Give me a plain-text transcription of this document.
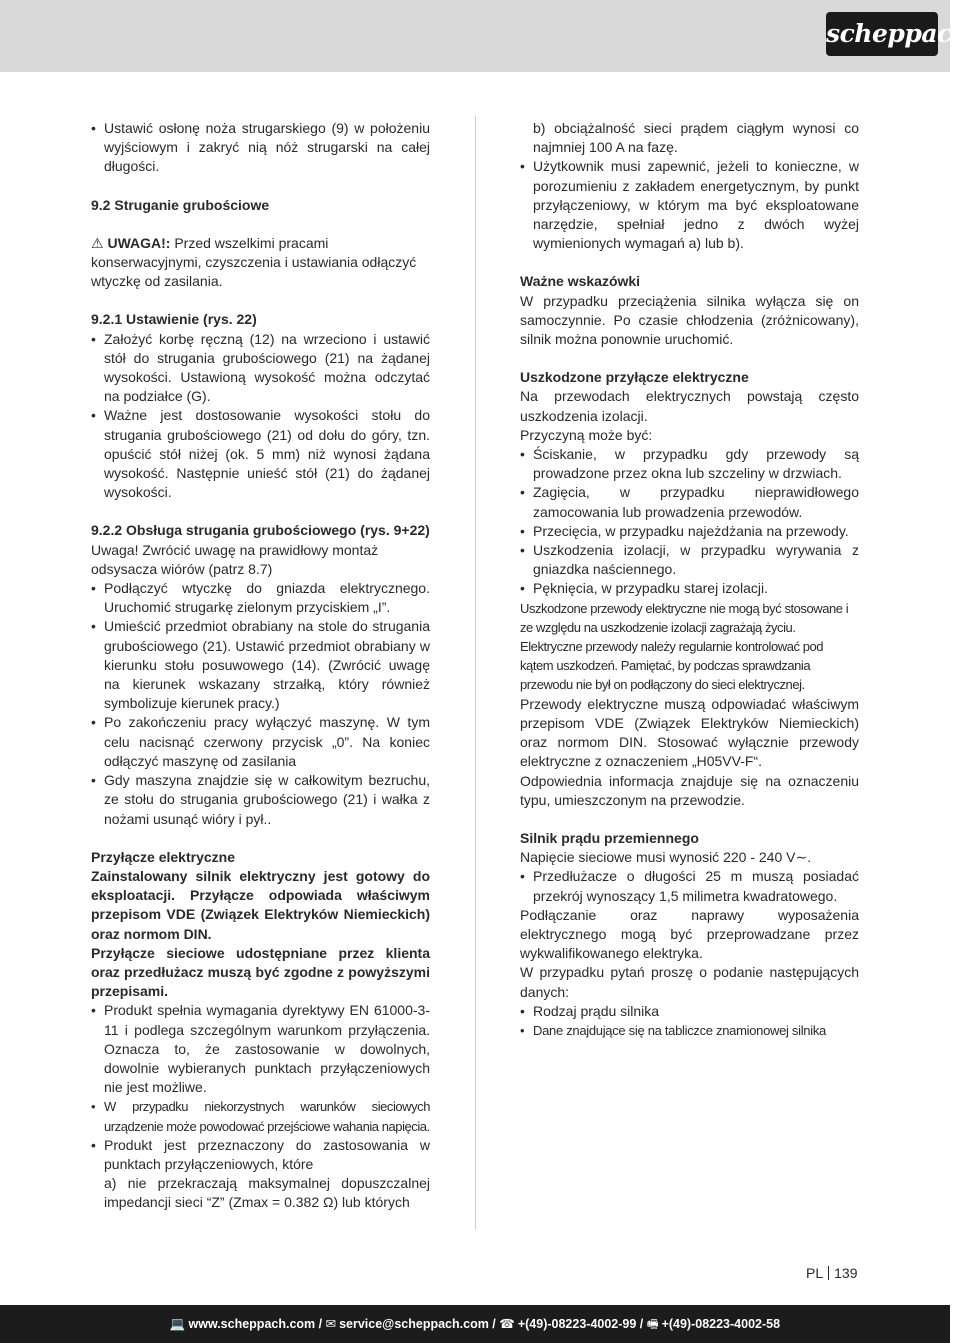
scheppach

• Ustawić osłonę noża strugarskiego (9) w położeniu wyjściowym i zakryć nią nóż strugarski na całej długości.

9.2 Struganie grubościowe

⚠ UWAGA!: Przed wszelkimi pracami konserwacyjnymi, czyszczenia i ustawiania odłączyć wtyczkę od zasilania.

9.2.1 Ustawienie (rys. 22)

• Założyć korbę ręczną (12) na wrzeciono i ustawić stół do strugania grubościowego (21) na żądanej wysokości. Ustawioną wysokość można odczytać na podziałce (G).

• Ważne jest dostosowanie wysokości stołu do strugania grubościowego (21) od dołu do góry, tzn. opuścić stół niżej (ok. 5 mm) niż wynosi żądana wysokość. Następnie unieść stół (21) do żądanej wysokości.

9.2.2 Obsługa strugania grubościowego (rys. 9+22)

Uwaga! Zwrócić uwagę na prawidłowy montaż odsysacza wiórów (patrz 8.7)

• Podłączyć wtyczkę do gniazda elektrycznego. Uruchomić strugarkę zielonym przyciskiem „I”.

• Umieścić przedmiot obrabiany na stole do strugania grubościowego (21). Ustawić przedmiot obrabiany w kierunku stołu posuwowego (14). (Zwrócić uwagę na kierunek wskazany strzałką, który również symbolizuje kierunek pracy.)

• Po zakończeniu pracy wyłączyć maszynę. W tym celu nacisnąć czerwony przycisk „0”. Na koniec odłączyć maszynę od zasilania

• Gdy maszyna znajdzie się w całkowitym bezruchu, ze stołu do strugania grubościowego (21) i wałka z nożami usunąć wióry i pył..

Przyłącze elektryczne

Zainstalowany silnik elektryczny jest gotowy do eksploatacji. Przyłącze odpowiada właściwym przepisom VDE (Związek Elektryków Niemieckich) oraz normom DIN.

Przyłącze sieciowe udostępniane przez klienta oraz przedłużacz muszą być zgodne z powyższymi przepisami.

• Produkt spełnia wymagania dyrektywy EN 61000-3-11 i podlega szczególnym warunkom przyłączenia. Oznacza to, że zastosowanie w dowolnych, dowolnie wybieranych punktach przyłączeniowych nie jest możliwe.

• W przypadku niekorzystnych warunków sieciowych urządzenie może powodować przejściowe wahania napięcia.

• Produkt jest przeznaczony do zastosowania w punktach przyłączeniowych, które

a) nie przekraczają maksymalnej dopuszczalnej impedancji sieci “Z” (Zmax = 0.382 Ω) lub których

b) obciążalność sieci prądem ciągłym wynosi co najmniej 100 A na fazę.

• Użytkownik musi zapewnić, jeżeli to konieczne, w porozumieniu z zakładem energetycznym, by punkt przyłączeniowy, w którym ma być eksploatowane narzędzie, spełniał jedno z dwóch wyżej wymienionych wymagań a) lub b).

Ważne wskazówki

W przypadku przeciążenia silnika wyłącza się on samoczynnie. Po czasie chłodzenia (zróżnicowany), silnik można ponownie uruchomić.

Uszkodzone przyłącze elektryczne

Na przewodach elektrycznych powstają często uszkodzenia izolacji.

Przyczyną może być:

• Ściskanie, w przypadku gdy przewody są prowadzone przez okna lub szczeliny w drzwiach.

• Zagięcia, w przypadku nieprawidłowego zamocowania lub prowadzenia przewodów.

• Przecięcia, w przypadku najeżdżania na przewody.

• Uszkodzenia izolacji, w przypadku wyrywania z gniazdka naściennego.

• Pęknięcia, w przypadku starej izolacji.

Uszkodzone przewody elektryczne nie mogą być stosowane i ze względu na uszkodzenie izolacji zagrażają życiu. Elektryczne przewody należy regularnie kontrolować pod kątem uszkodzeń. Pamiętać, by podczas sprawdzania przewodu nie był on podłączony do sieci elektrycznej.

Przewody elektryczne muszą odpowiadać właściwym przepisom VDE (Związek Elektryków Niemieckich) oraz normom DIN. Stosować wyłącznie przewody elektryczne z oznaczeniem „H05VV-F“.

Odpowiednia informacja znajduje się na oznaczeniu typu, umieszczonym na przewodzie.

Silnik prądu przemiennego

Napięcie sieciowe musi wynosić 220 - 240 V∼.

• Przedłużacze o długości 25 m muszą posiadać przekrój wynoszący 1,5 milimetra kwadratowego.

Podłączanie oraz naprawy wyposażenia elektrycznego mogą być przeprowadzane przez wykwalifikowanego elektryka.

W przypadku pytań proszę o podanie następujących danych:

• Rodzaj prądu silnika

• Dane znajdujące się na tabliczce znamionowej silnika

PL 139
💻 www.scheppach.com / ✉ service@scheppach.com / ☎ +(49)-08223-4002-99 / 🖷 +(49)-08223-4002-58
